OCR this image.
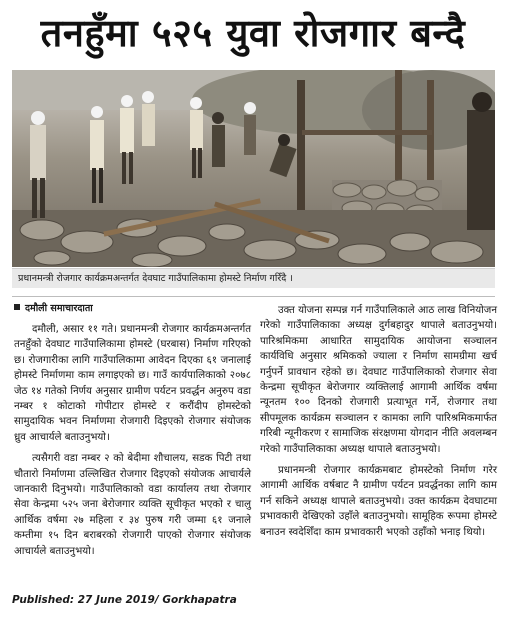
तनहुँमा ५२५ युवा रोजगार बन्दै
प्रधानमन्त्री रोजगार कार्यक्रमअन्तर्गत देवघाट गाउँपालिकामा होमस्टे निर्माण गरिँदै ।
दमौली समाचारदाता

दमौली, असार ११ गते। प्रधानमन्त्री रोजगार कार्यक्रमअन्तर्गत तनहुँको देवघाट गाउँपालिकामा होमस्टे (घरबास) निर्माण गरिएको छ। रोजगारीका लागि गाउँपालिकामा आवेदन दिएका ६१ जनालाई होमस्टे निर्माणमा काम लगाइएको छ। गाउँ कार्यपालिकाको २०७८ जेठ १४ गतेको निर्णय अनुसार ग्रामीण पर्यटन प्रवर्द्धन अनुरुप वडा नम्बर १ कोटाको गोपीटार होमस्टे र करौंदीप होमस्टेको सामुदायिक भवन निर्माणमा रोजगारी दिइएको रोजगार संयोजक ध्रुव आचार्यले बताउनुभयो।

त्यसैगरी वडा नम्बर २ को बेदीमा शौचालय, सडक पिटी तथा चौतारो निर्माणमा उल्लिखित रोजगार दिइएको संयोजक आचार्यले जानकारी दिनुभयो। गाउँपालिकाको वडा कार्यालय तथा रोजगार सेवा केन्द्रमा ५२५ जना बेरोजगार व्यक्ति सूचीकृत भएको र चालु आर्थिक वर्षमा २७ महिला र ३४ पुरुष गरी जम्मा ६१ जनाले कम्तीमा १५ दिन बराबरको रोजगारी पाएको रोजगार संयोजक आचार्यले बताउनुभयो।

उक्त योजना सम्पन्न गर्न गाउँपालिकाले आठ लाख विनियोजन गरेको गाउँपालिकाका अध्यक्ष दुर्गबहादुर थापाले बताउनुभयो। पारिश्रमिकमा आधारित सामुदायिक आयोजना सञ्चालन कार्यविधि अनुसार श्रमिकको ज्याला र निर्माण सामग्रीमा खर्च गर्नुपर्ने प्रावधान रहेको छ। देवघाट गाउँपालिकाको रोजगार सेवा केन्द्रमा सूचीकृत बेरोजगार व्यक्तिलाई आगामी आर्थिक वर्षमा न्यूनतम १०० दिनको रोजगारी प्रत्याभूत गर्ने, रोजगार तथा सीपमूलक कार्यक्रम सञ्चालन र कामका लागि पारिश्रमिकमार्फत गरिबी न्यूनीकरण र सामाजिक संरक्षणमा योगदान नीति अवलम्बन गरेको गाउँपालिकाका अध्यक्ष थापाले बताउनुभयो।

प्रधानमन्त्री रोजगार कार्यक्रमबाट होमस्टेको निर्माण गरेर आगामी आर्थिक वर्षबाट नै ग्रामीण पर्यटन प्रवर्द्धनका लागि काम गर्न सकिने अध्यक्ष थापाले बताउनुभयो। उक्त कार्यक्रम देवघाटमा प्रभावकारी देखिएको उहाँले बताउनुभयो। सामूहिक रूपमा होमस्टे बनाउन स्वदेशिँदा काम प्रभावकारी भएको उहाँको भनाइ थियो।

Published: 27 June 2019/ Gorkhapatra
